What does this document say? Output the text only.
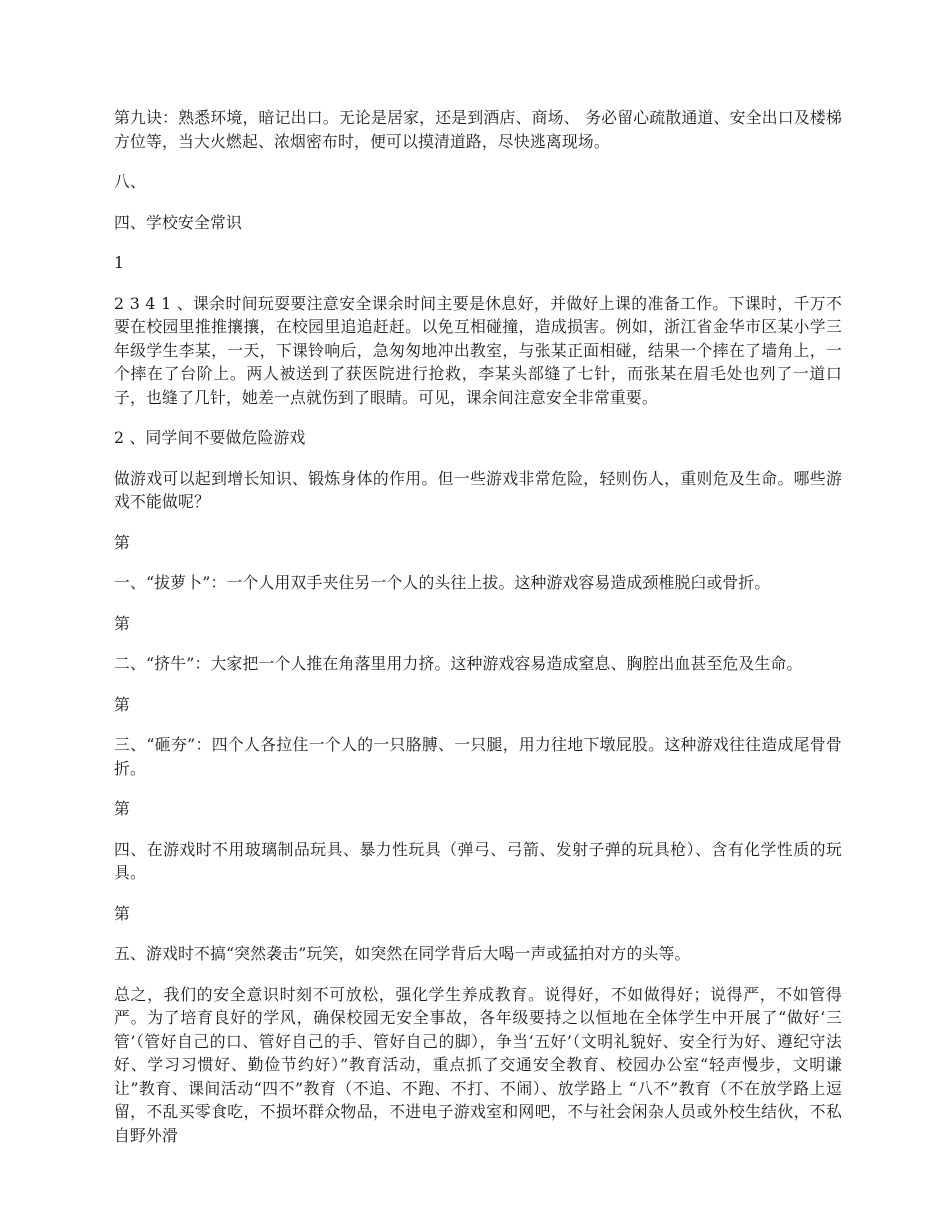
第九诀：熟悉环境，暗记出口。无论是居家，还是到酒店、商场、 务必留心疏散通道、安全出口及楼梯方位等，当大火燃起、浓烟密布时，便可以摸清道路，尽快逃离现场。

八、

四、学校安全常识

1

2 3 4 1 、课余时间玩耍要注意安全课余时间主要是休息好，并做好上课的准备工作。下课时，千万不要在校园里推推攘攘，在校园里追追赶赶。以免互相碰撞，造成损害。例如，浙江省金华市区某小学三年级学生李某，一天，下课铃响后，急匆匆地冲出教室，与张某正面相碰，结果一个摔在了墙角上，一个摔在了台阶上。两人被送到了获医院进行抢救，李某头部缝了七针，而张某在眉毛处也列了一道口子，也缝了几针，她差一点就伤到了眼睛。可见，课余间注意安全非常重要。

2 、同学间不要做危险游戏

做游戏可以起到增长知识、锻炼身体的作用。但一些游戏非常危险，轻则伤人，重则危及生命。哪些游戏不能做呢？

第

一、“拔萝卜”：一个人用双手夹住另一个人的头往上拔。这种游戏容易造成颈椎脱臼或骨折。

第

二、“挤牛”：大家把一个人推在角落里用力挤。这种游戏容易造成窒息、胸腔出血甚至危及生命。

第

三、“砸夯”：四个人各拉住一个人的一只胳膊、一只腿，用力往地下墩屁股。这种游戏往往造成尾骨骨折。

第

四、在游戏时不用玻璃制品玩具、暴力性玩具（弹弓、弓箭、发射子弹的玩具枪）、含有化学性质的玩具。

第

五、游戏时不搞“突然袭击”玩笑，如突然在同学背后大喝一声或猛拍对方的头等。

总之，我们的安全意识时刻不可放松，强化学生养成教育。说得好，不如做得好；说得严，不如管得严。为了培育良好的学风，确保校园无安全事故，各年级要持之以恒地在全体学生中开展了“做好‘三管’（管好自己的口、管好自己的手、管好自己的脚），争当‘五好’（文明礼貌好、安全行为好、遵纪守法好、学习习惯好、勤俭节约好）”教育活动，重点抓了交通安全教育、校园办公室“轻声慢步，文明谦让”教育、课间活动“四不”教育（不追、不跑、不打、不闹）、放学路上 “八不”教育（不在放学路上逗留，不乱买零食吃，不损坏群众物品，不进电子游戏室和网吧，不与社会闲杂人员或外校生结伙，不私自野外滑
